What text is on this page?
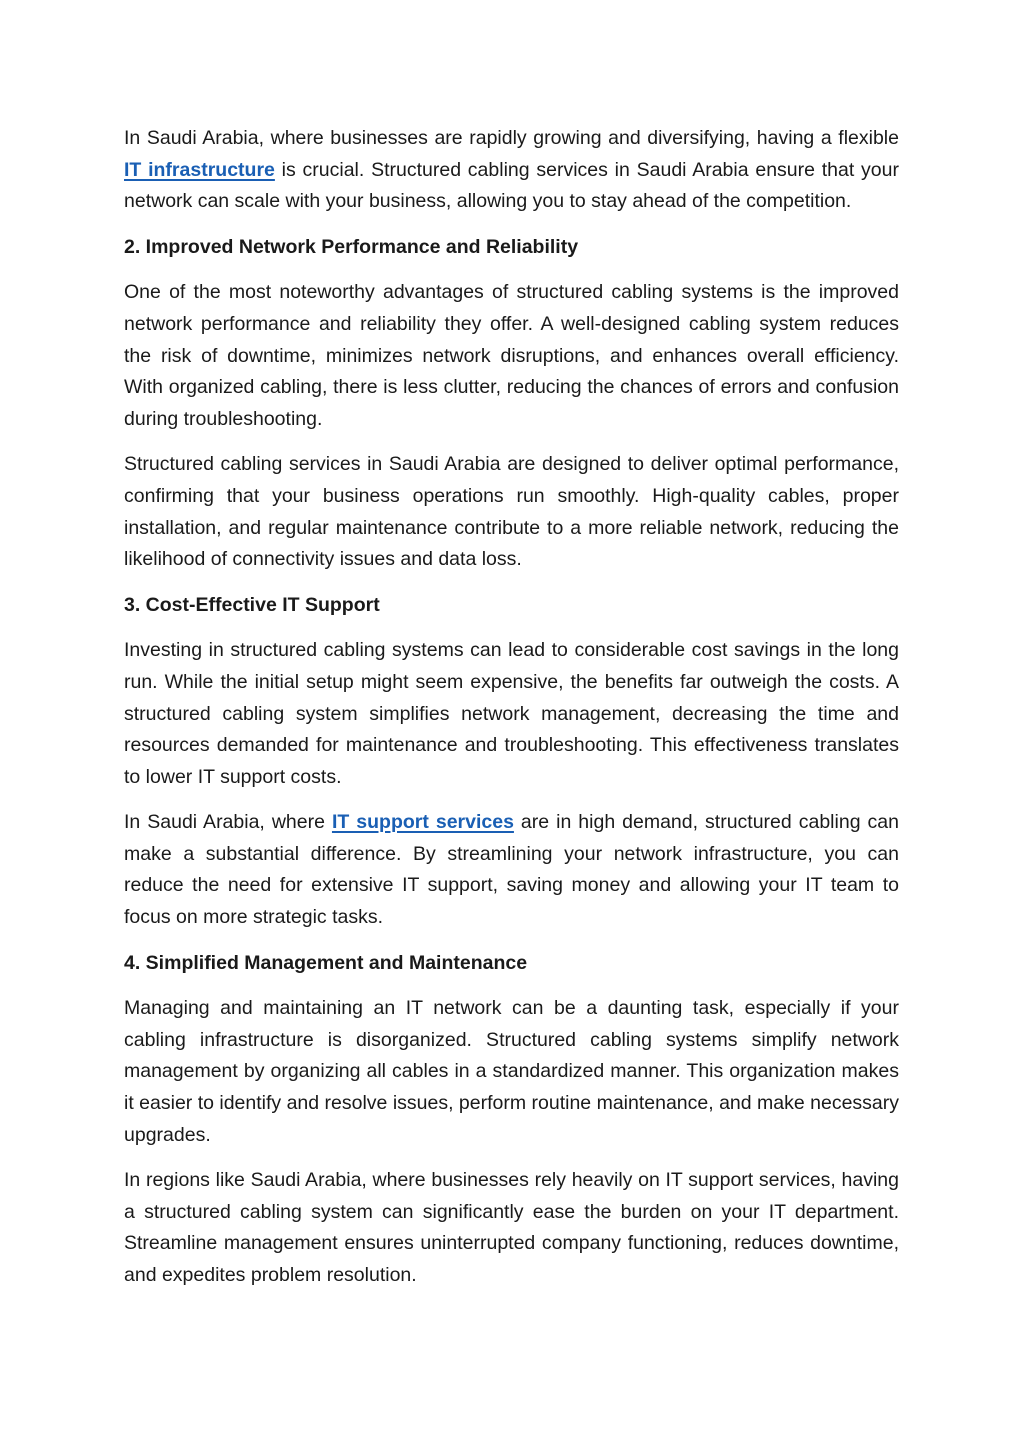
In Saudi Arabia, where businesses are rapidly growing and diversifying, having a flexible IT infrastructure is crucial. Structured cabling services in Saudi Arabia ensure that your network can scale with your business, allowing you to stay ahead of the competition.

2. Improved Network Performance and Reliability

One of the most noteworthy advantages of structured cabling systems is the improved network performance and reliability they offer. A well-designed cabling system reduces the risk of downtime, minimizes network disruptions, and enhances overall efficiency. With organized cabling, there is less clutter, reducing the chances of errors and confusion during troubleshooting.

Structured cabling services in Saudi Arabia are designed to deliver optimal performance, confirming that your business operations run smoothly. High-quality cables, proper installation, and regular maintenance contribute to a more reliable network, reducing the likelihood of connectivity issues and data loss.

3. Cost-Effective IT Support

Investing in structured cabling systems can lead to considerable cost savings in the long run. While the initial setup might seem expensive, the benefits far outweigh the costs. A structured cabling system simplifies network management, decreasing the time and resources demanded for maintenance and troubleshooting. This effectiveness translates to lower IT support costs.

In Saudi Arabia, where IT support services are in high demand, structured cabling can make a substantial difference. By streamlining your network infrastructure, you can reduce the need for extensive IT support, saving money and allowing your IT team to focus on more strategic tasks.

4. Simplified Management and Maintenance

Managing and maintaining an IT network can be a daunting task, especially if your cabling infrastructure is disorganized. Structured cabling systems simplify network management by organizing all cables in a standardized manner. This organization makes it easier to identify and resolve issues, perform routine maintenance, and make necessary upgrades.

In regions like Saudi Arabia, where businesses rely heavily on IT support services, having a structured cabling system can significantly ease the burden on your IT department. Streamline management ensures uninterrupted company functioning, reduces downtime, and expedites problem resolution.
